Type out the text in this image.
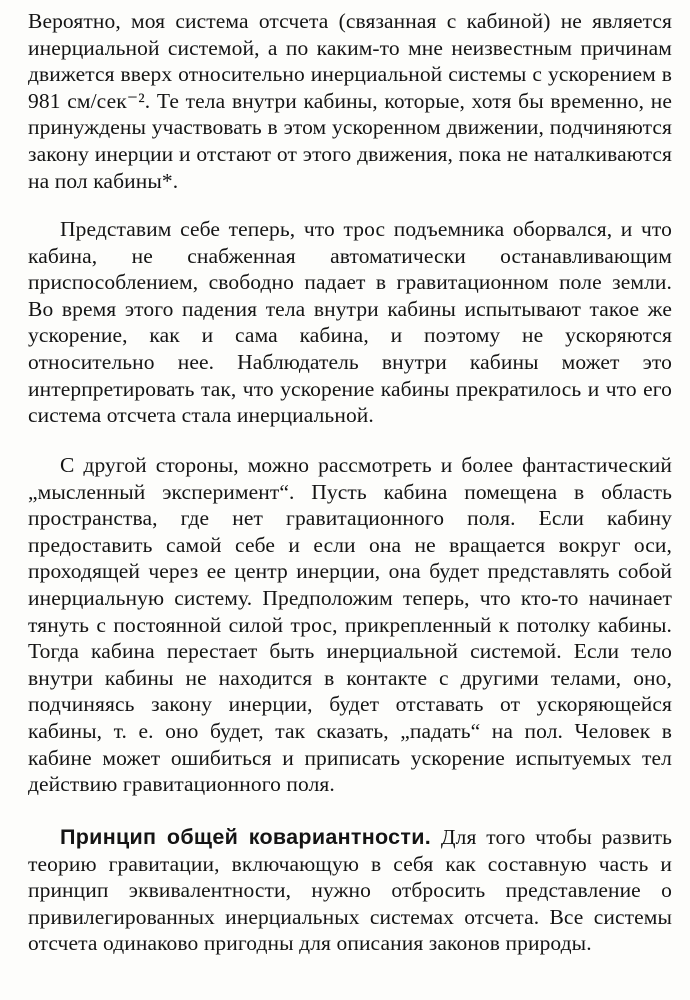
Вероятно, моя система отсчета (связанная с кабиной) не является инерциальной системой, а по каким-то мне неизвестным причинам движется вверх относительно инерциальной системы с ускорением в 981 см/сек⁻². Те тела внутри кабины, которые, хотя бы временно, не принуждены участвовать в этом ускоренном движении, подчиняются закону инерции и отстают от этого движения, пока не наталкиваются на пол кабины*.

Представим себе теперь, что трос подъемника оборвался, и что кабина, не снабженная автоматически останавливающим приспособлением, свободно падает в гравитационном поле земли. Во время этого падения тела внутри кабины испытывают такое же ускорение, как и сама кабина, и поэтому не ускоряются относительно нее. Наблюдатель внутри кабины может это интерпретировать так, что ускорение кабины прекратилось и что его система отсчета стала инерциальной.

С другой стороны, можно рассмотреть и более фантастический „мысленный эксперимент“. Пусть кабина помещена в область пространства, где нет гравитационного поля. Если кабину предоставить самой себе и если она не вращается вокруг оси, проходящей через ее центр инерции, она будет представлять собой инерциальную систему. Предположим теперь, что кто-то начинает тянуть с постоянной силой трос, прикрепленный к потолку кабины. Тогда кабина перестает быть инерциальной системой. Если тело внутри кабины не находится в контакте с другими телами, оно, подчиняясь закону инерции, будет отставать от ускоряющейся кабины, т. е. оно будет, так сказать, „падать“ на пол. Человек в кабине может ошибиться и приписать ускорение испытуемых тел действию гравитационного поля.

Принцип общей ковариантности. Для того чтобы развить теорию гравитации, включающую в себя как составную часть и принцип эквивалентности, нужно отбросить представление о привилегированных инерциальных системах отсчета. Все системы отсчета одинаково пригодны для описания законов природы.
